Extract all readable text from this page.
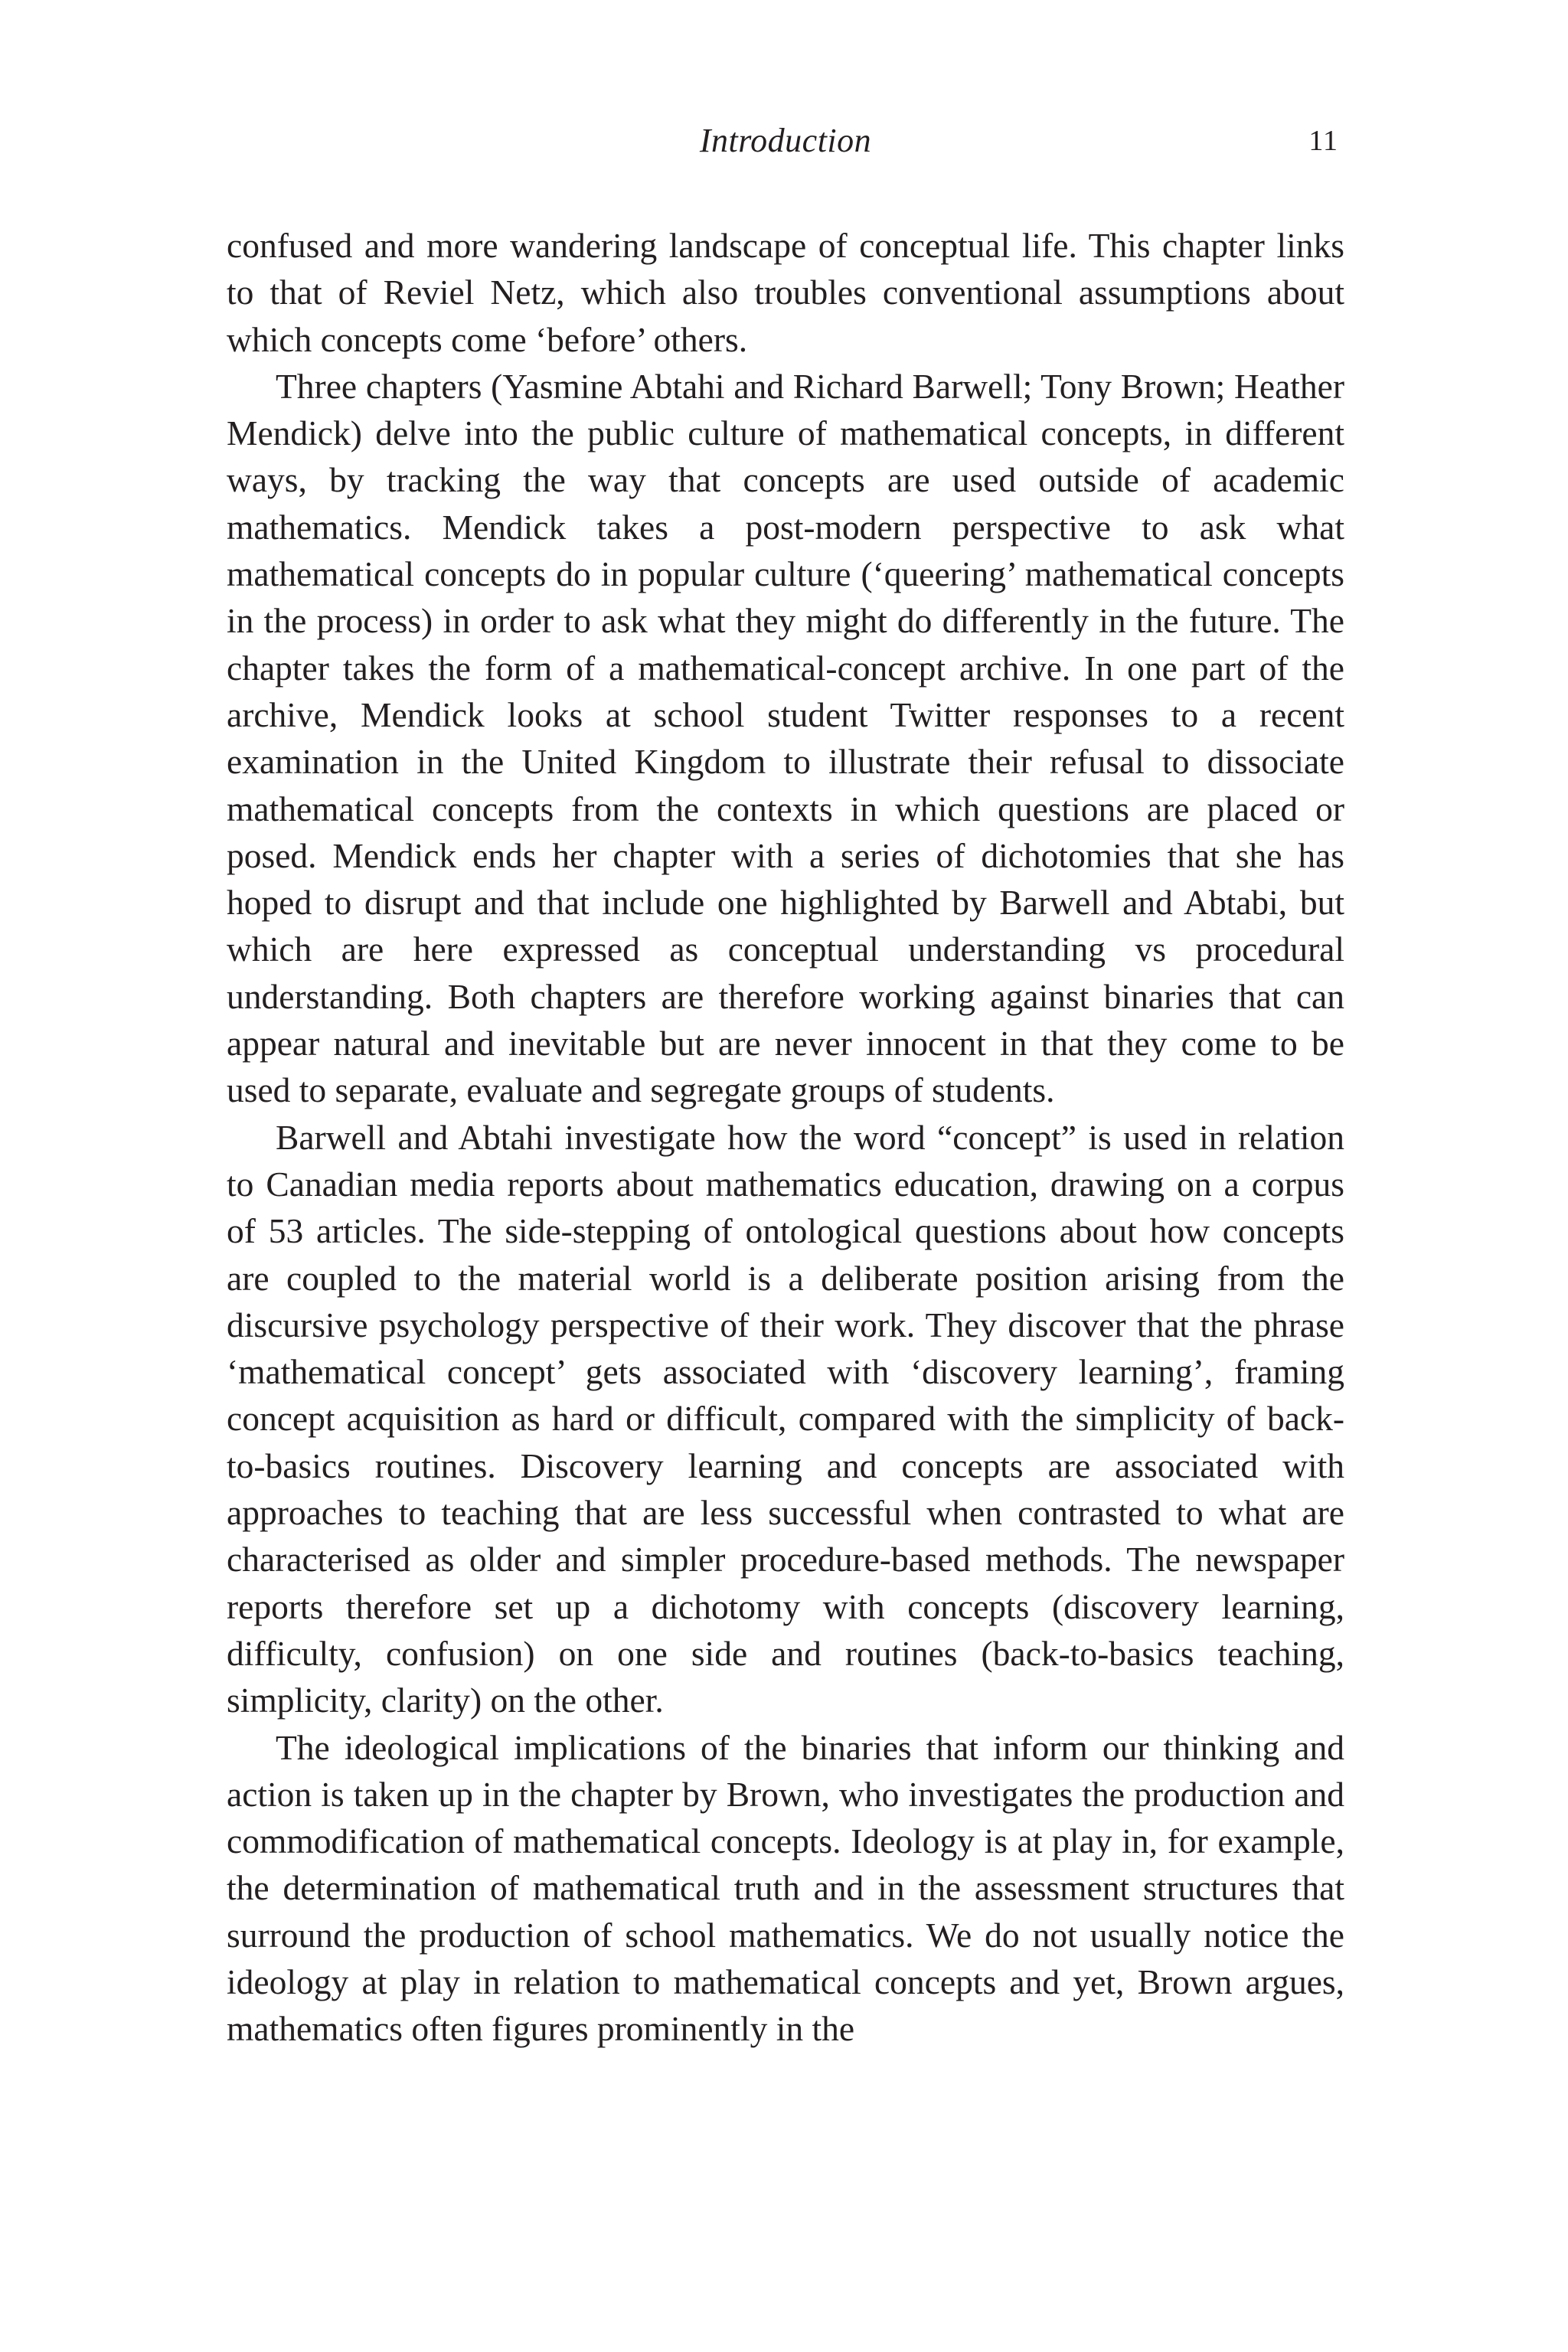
Introduction	11

confused and more wandering landscape of conceptual life. This chapter links to that of Reviel Netz, which also troubles conventional assumptions about which concepts come ‘before’ others.

Three chapters (Yasmine Abtahi and Richard Barwell; Tony Brown; Heather Mendick) delve into the public culture of mathematical concepts, in different ways, by tracking the way that concepts are used outside of academic mathematics. Mendick takes a post-modern perspective to ask what mathematical concepts do in popular culture (‘queering’ mathematical concepts in the process) in order to ask what they might do differently in the future. The chapter takes the form of a mathematical-concept archive. In one part of the archive, Mendick looks at school student Twitter responses to a recent examination in the United Kingdom to illustrate their refusal to dissociate mathematical concepts from the contexts in which questions are placed or posed. Mendick ends her chapter with a series of dichotomies that she has hoped to disrupt and that include one highlighted by Barwell and Abtabi, but which are here expressed as conceptual understanding vs procedural understanding. Both chapters are therefore working against binaries that can appear natural and inevitable but are never innocent in that they come to be used to separate, evaluate and segregate groups of students.

Barwell and Abtahi investigate how the word “concept” is used in relation to Canadian media reports about mathematics education, drawing on a corpus of 53 articles. The side-stepping of ontological questions about how concepts are coupled to the material world is a deliberate position arising from the discursive psychology perspective of their work. They discover that the phrase ‘mathematical concept’ gets associated with ‘discovery learning’, framing concept acquisition as hard or difficult, compared with the simplicity of back-to-basics routines. Discovery learning and concepts are associated with approaches to teaching that are less successful when contrasted to what are characterised as older and simpler procedure-based methods. The newspaper reports therefore set up a dichotomy with concepts (discovery learning, difficulty, confusion) on one side and routines (back-to-basics teaching, simplicity, clarity) on the other.

The ideological implications of the binaries that inform our thinking and action is taken up in the chapter by Brown, who investigates the production and commodification of mathematical concepts. Ideology is at play in, for example, the determination of mathematical truth and in the assessment structures that surround the production of school mathematics. We do not usually notice the ideology at play in relation to mathematical concepts and yet, Brown argues, mathematics often figures prominently in the
